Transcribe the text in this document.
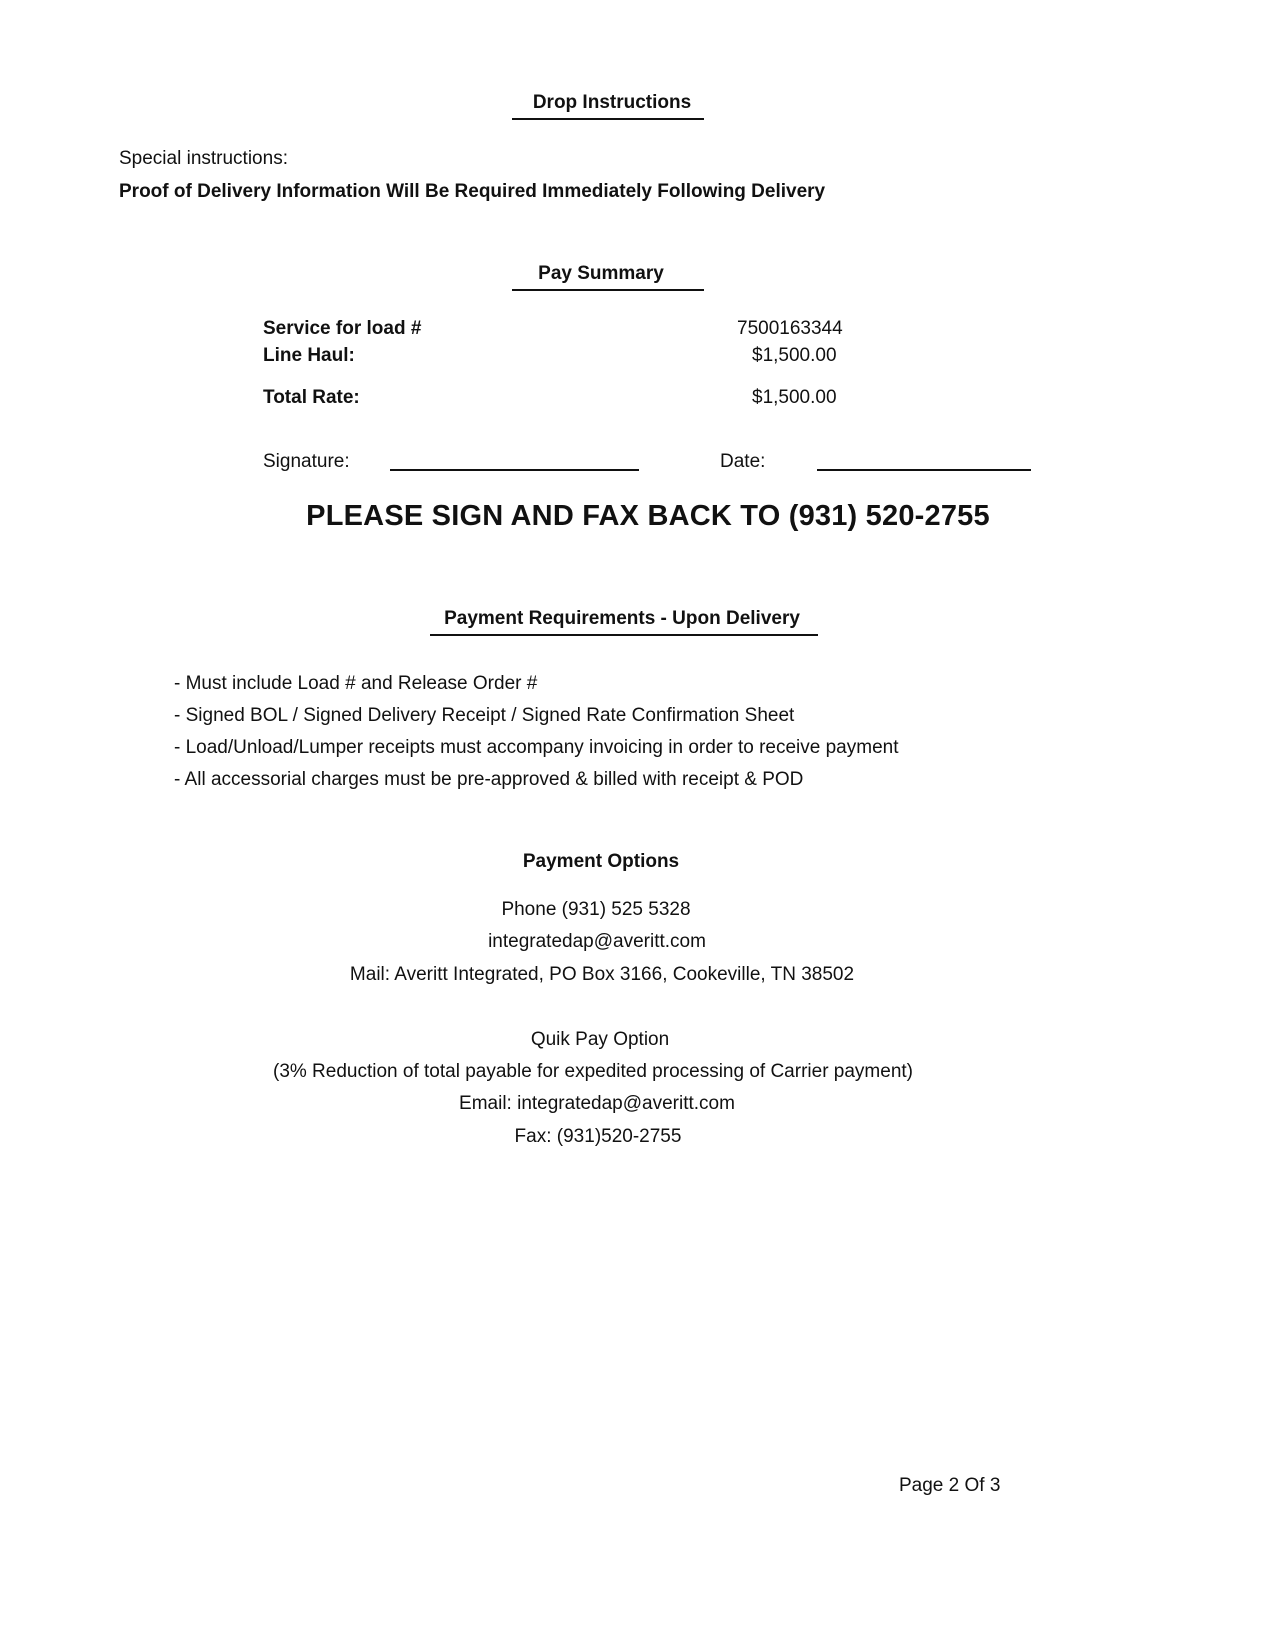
Drop Instructions
Special instructions:
Proof of Delivery Information Will Be Required Immediately Following Delivery
Pay Summary
Service for load #	7500163344
Line Haul:	$1,500.00
Total Rate:	$1,500.00
Signature:	Date:
PLEASE SIGN AND FAX BACK TO (931) 520-2755
Payment Requirements - Upon Delivery
- Must include Load # and Release Order #
- Signed BOL / Signed Delivery Receipt / Signed Rate Confirmation Sheet
- Load/Unload/Lumper receipts must accompany invoicing in order to receive payment
- All accessorial charges must be pre-approved & billed with receipt & POD
Payment Options
Phone (931) 525 5328
integratedap@averitt.com
Mail: Averitt Integrated, PO Box 3166, Cookeville, TN 38502
Quik Pay Option
(3% Reduction of total payable for expedited processing of Carrier payment)
Email: integratedap@averitt.com
Fax: (931)520-2755
Page 2 Of 3
